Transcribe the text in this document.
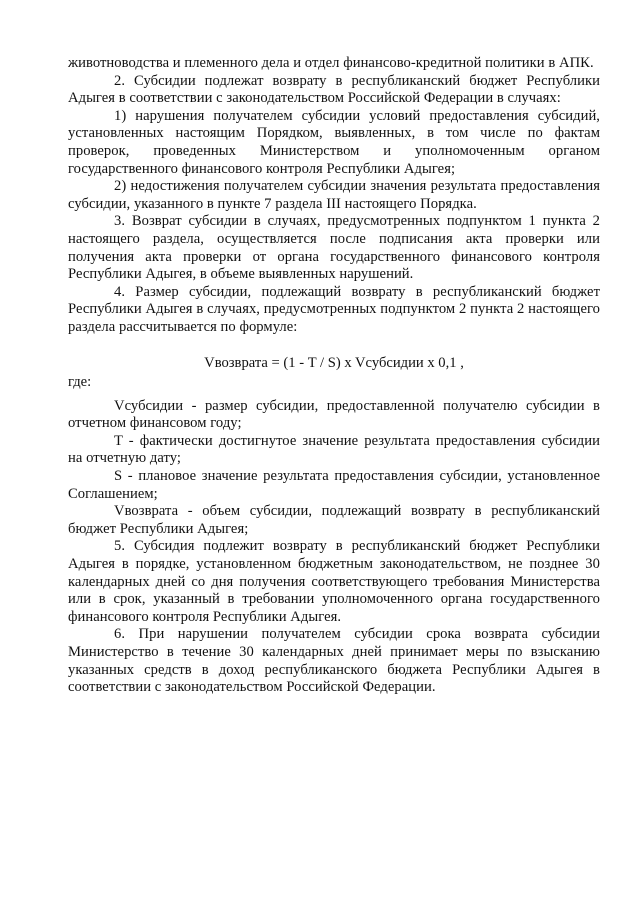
животноводства и племенного дела и отдел финансово-кредитной политики в АПК.

2. Субсидии подлежат возврату в республиканский бюджет Республики Адыгея в соответствии с законодательством Российской Федерации в случаях:

1) нарушения получателем субсидии условий предоставления субсидий, установленных настоящим Порядком, выявленных, в том числе по фактам проверок, проведенных Министерством и уполномоченным органом государственного финансового контроля Республики Адыгея;

2) недостижения получателем субсидии значения результата предоставления субсидии, указанного в пункте 7 раздела III настоящего Порядка.

3. Возврат субсидии в случаях, предусмотренных подпунктом 1 пункта 2 настоящего раздела, осуществляется после подписания акта проверки или получения акта проверки от органа государственного финансового контроля Республики Адыгея, в объеме выявленных нарушений.

4. Размер субсидии, подлежащий возврату в республиканский бюджет Республики Адыгея в случаях, предусмотренных подпунктом 2 пункта 2 настоящего раздела рассчитывается по формуле:

Vвозврата = (1 - T / S) x Vсубсидии x 0,1 ,
где:

Vсубсидии - размер субсидии, предоставленной получателю субсидии в отчетном финансовом году;

T - фактически достигнутое значение результата предоставления субсидии на отчетную дату;

S - плановое значение результата предоставления субсидии, установленное Соглашением;

Vвозврата - объем субсидии, подлежащий возврату в республиканский бюджет Республики Адыгея;

5. Субсидия подлежит возврату в республиканский бюджет Республики Адыгея в порядке, установленном бюджетным законодательством, не позднее 30 календарных дней со дня получения соответствующего требования Министерства или в срок, указанный в требовании уполномоченного органа государственного финансового контроля Республики Адыгея.

6. При нарушении получателем субсидии срока возврата субсидии Министерство в течение 30 календарных дней принимает меры по взысканию указанных средств в доход республиканского бюджета Республики Адыгея в соответствии с законодательством Российской Федерации.
